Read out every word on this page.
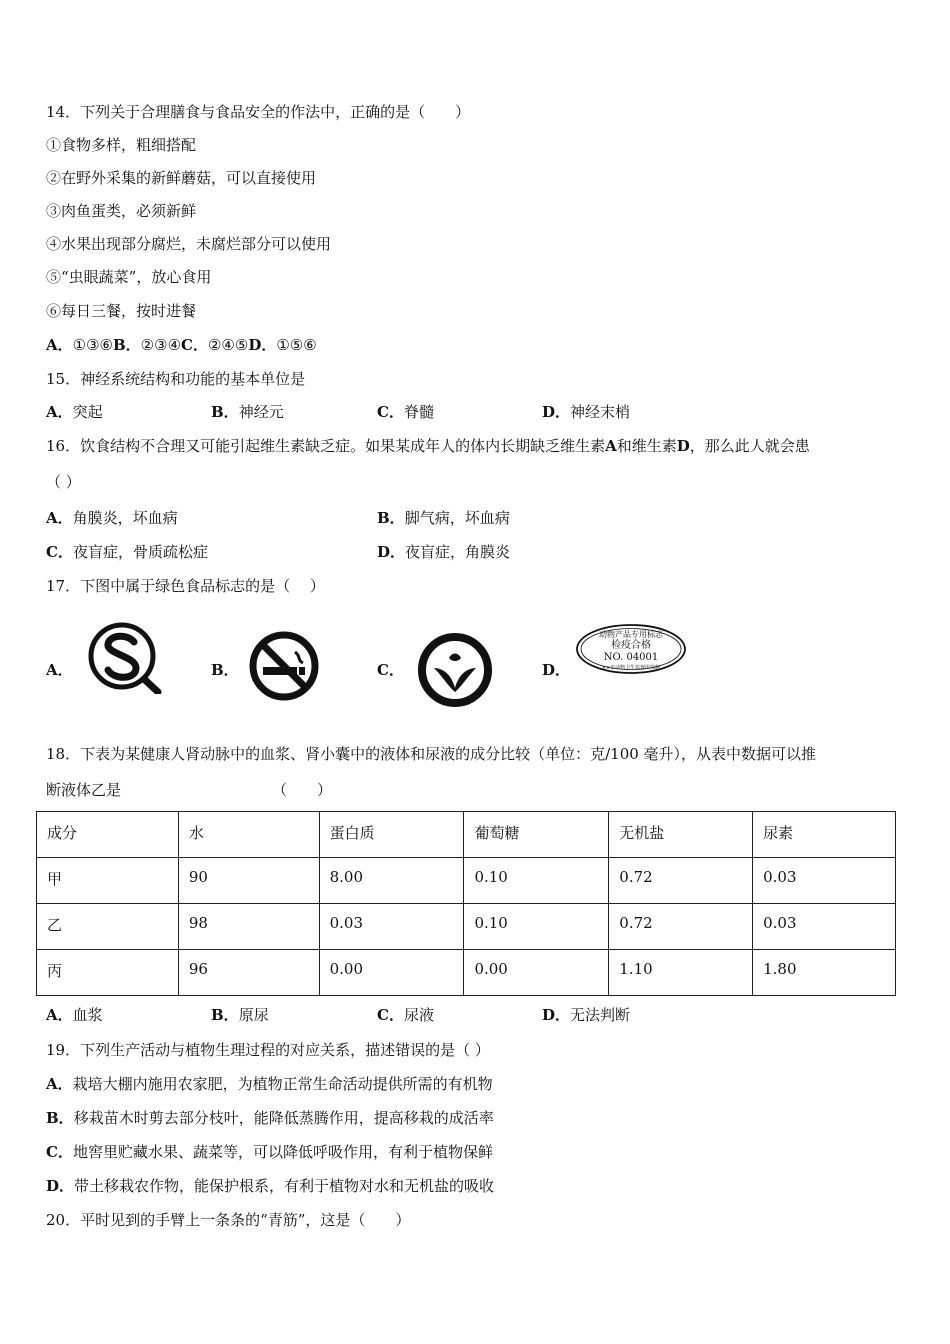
14．下列关于合理膳食与食品安全的作法中，正确的是（　　）
①食物多样，粗细搭配
②在野外采集的新鲜蘑菇，可以直接使用
③肉鱼蛋类，必须新鲜
④水果出现部分腐烂，未腐烂部分可以使用
⑤“虫眼蔬菜”，放心食用
⑥每日三餐，按时进餐
A．①③⑥B．②③④C．②④⑤D．①⑤⑥
15．神经系统结构和功能的基本单位是
A．突起	B．神经元	C．脊髓	D．神经末梢
16．饮食结构不合理又可能引起维生素缺乏症。如果某成年人的体内长期缺乏维生素A和维生素D，那么此人就会患
（ ）
A．角膜炎，坏血病	B．脚气病，坏血病
C．夜盲症，骨质疏松症	D．夜盲症，角膜炎
17．下图中属于绿色食品标志的是（　 ）
A．	B．	C．	D．
动物产品专用标志
检疫合格
NO. 04001
××市动物卫生监督所监制
18．下表为某健康人肾动脉中的血浆、肾小囊中的液体和尿液的成分比较（单位：克/100 毫升），从表中数据可以推
断液体乙是	（　　）
成分	水	蛋白质	葡萄糖	无机盐	尿素
甲	90	8.00	0.10	0.72	0.03
乙	98	0.03	0.10	0.72	0.03
丙	96	0.00	0.00	1.10	1.80
A．血浆	B．原尿	C．尿液	D．无法判断
19．下列生产活动与植物生理过程的对应关系，描述错误的是（ ）
A．栽培大棚内施用农家肥，为植物正常生命活动提供所需的有机物
B．移栽苗木时剪去部分枝叶，能降低蒸腾作用，提高移栽的成活率
C．地窖里贮藏水果、蔬菜等，可以降低呼吸作用，有利于植物保鲜
D．带土移栽农作物，能保护根系，有利于植物对水和无机盐的吸收
20．平时见到的手臂上一条条的“青筋”，这是（　　）
